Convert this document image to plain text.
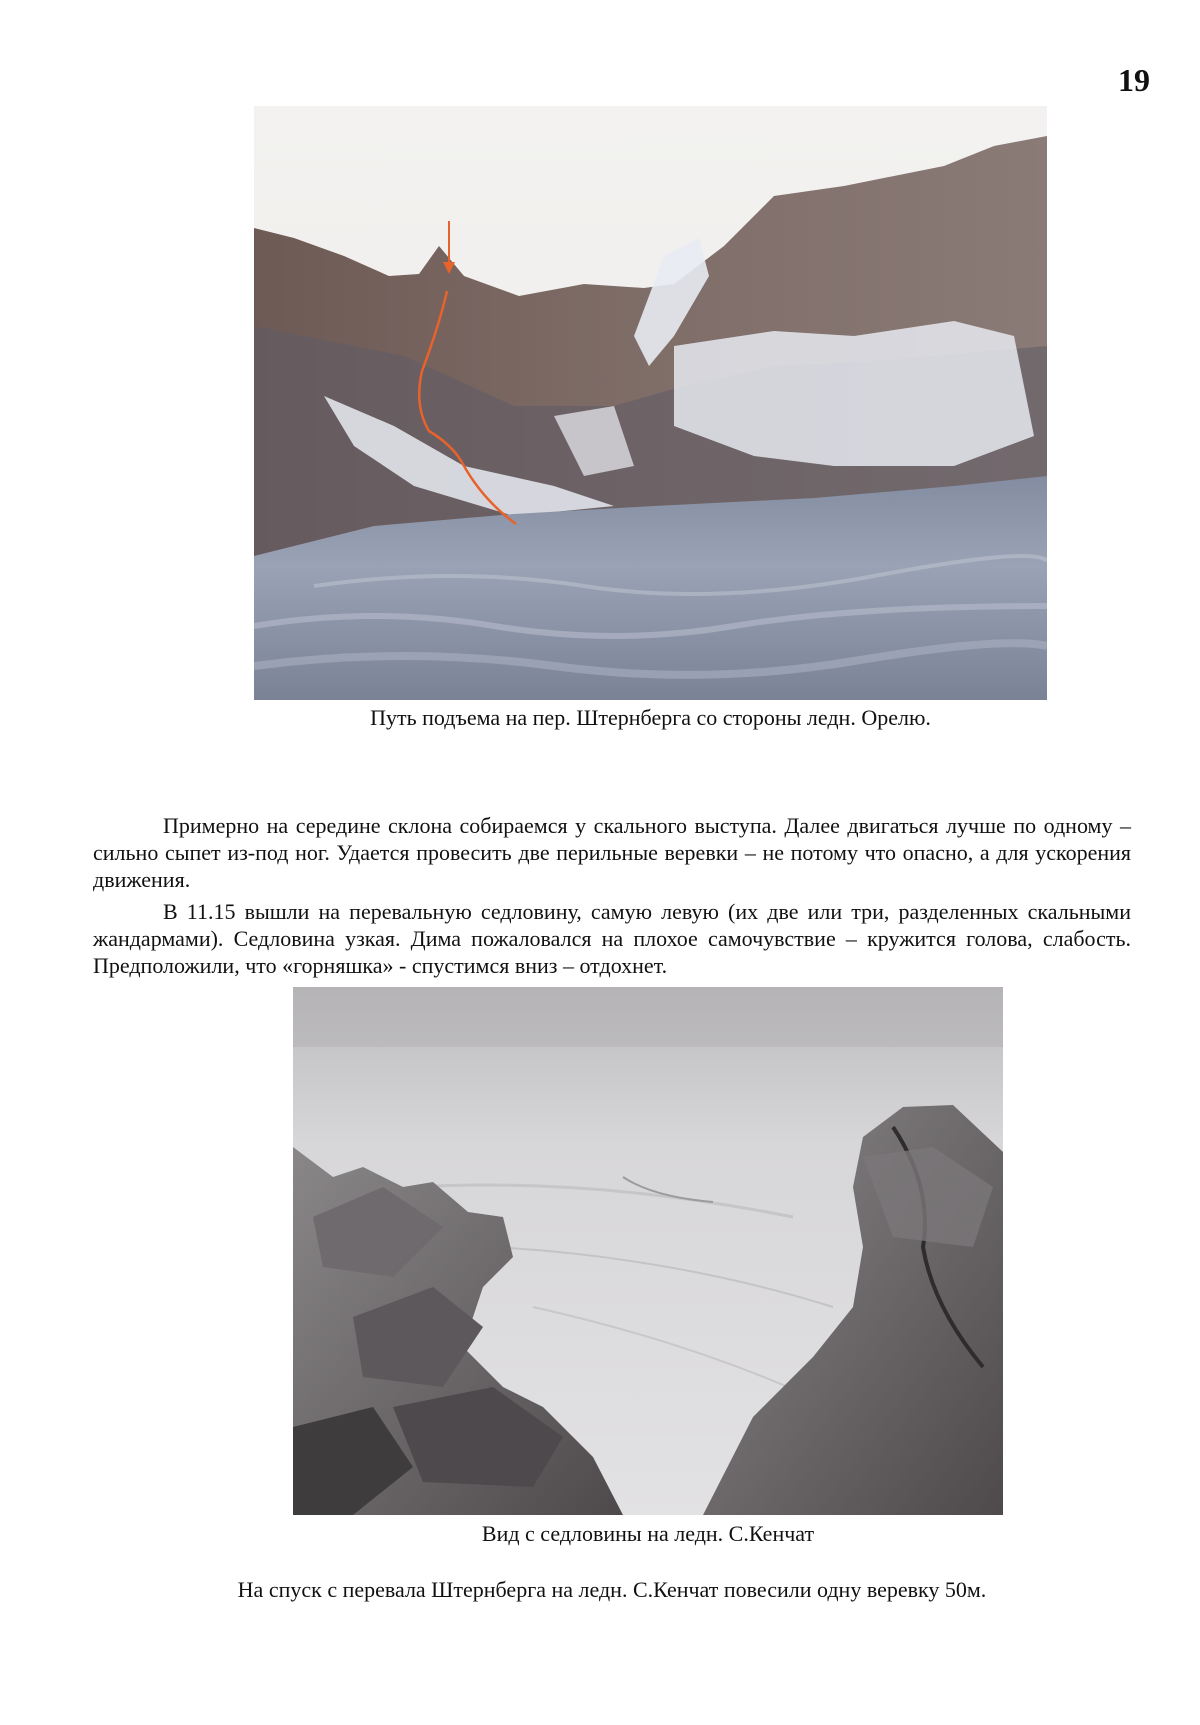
19
Путь подъема на пер. Штернберга со стороны ледн. Орелю.

Примерно на середине склона собираемся у скального выступа. Далее двигаться лучше по одному – сильно сыпет из-под ног. Удается провесить две перильные веревки – не потому что опасно, а для ускорения движения.

В 11.15 вышли на перевальную седловину, самую левую (их две или три, разделенных скальными жандармами). Седловина узкая. Дима пожаловался на плохое самочувствие – кружится голова, слабость. Предположили, что «горняшка» - спустимся вниз – отдохнет.

Вид с седловины на ледн. С.Кенчат
На спуск с перевала Штернберга на ледн. С.Кенчат повесили одну веревку 50м.
